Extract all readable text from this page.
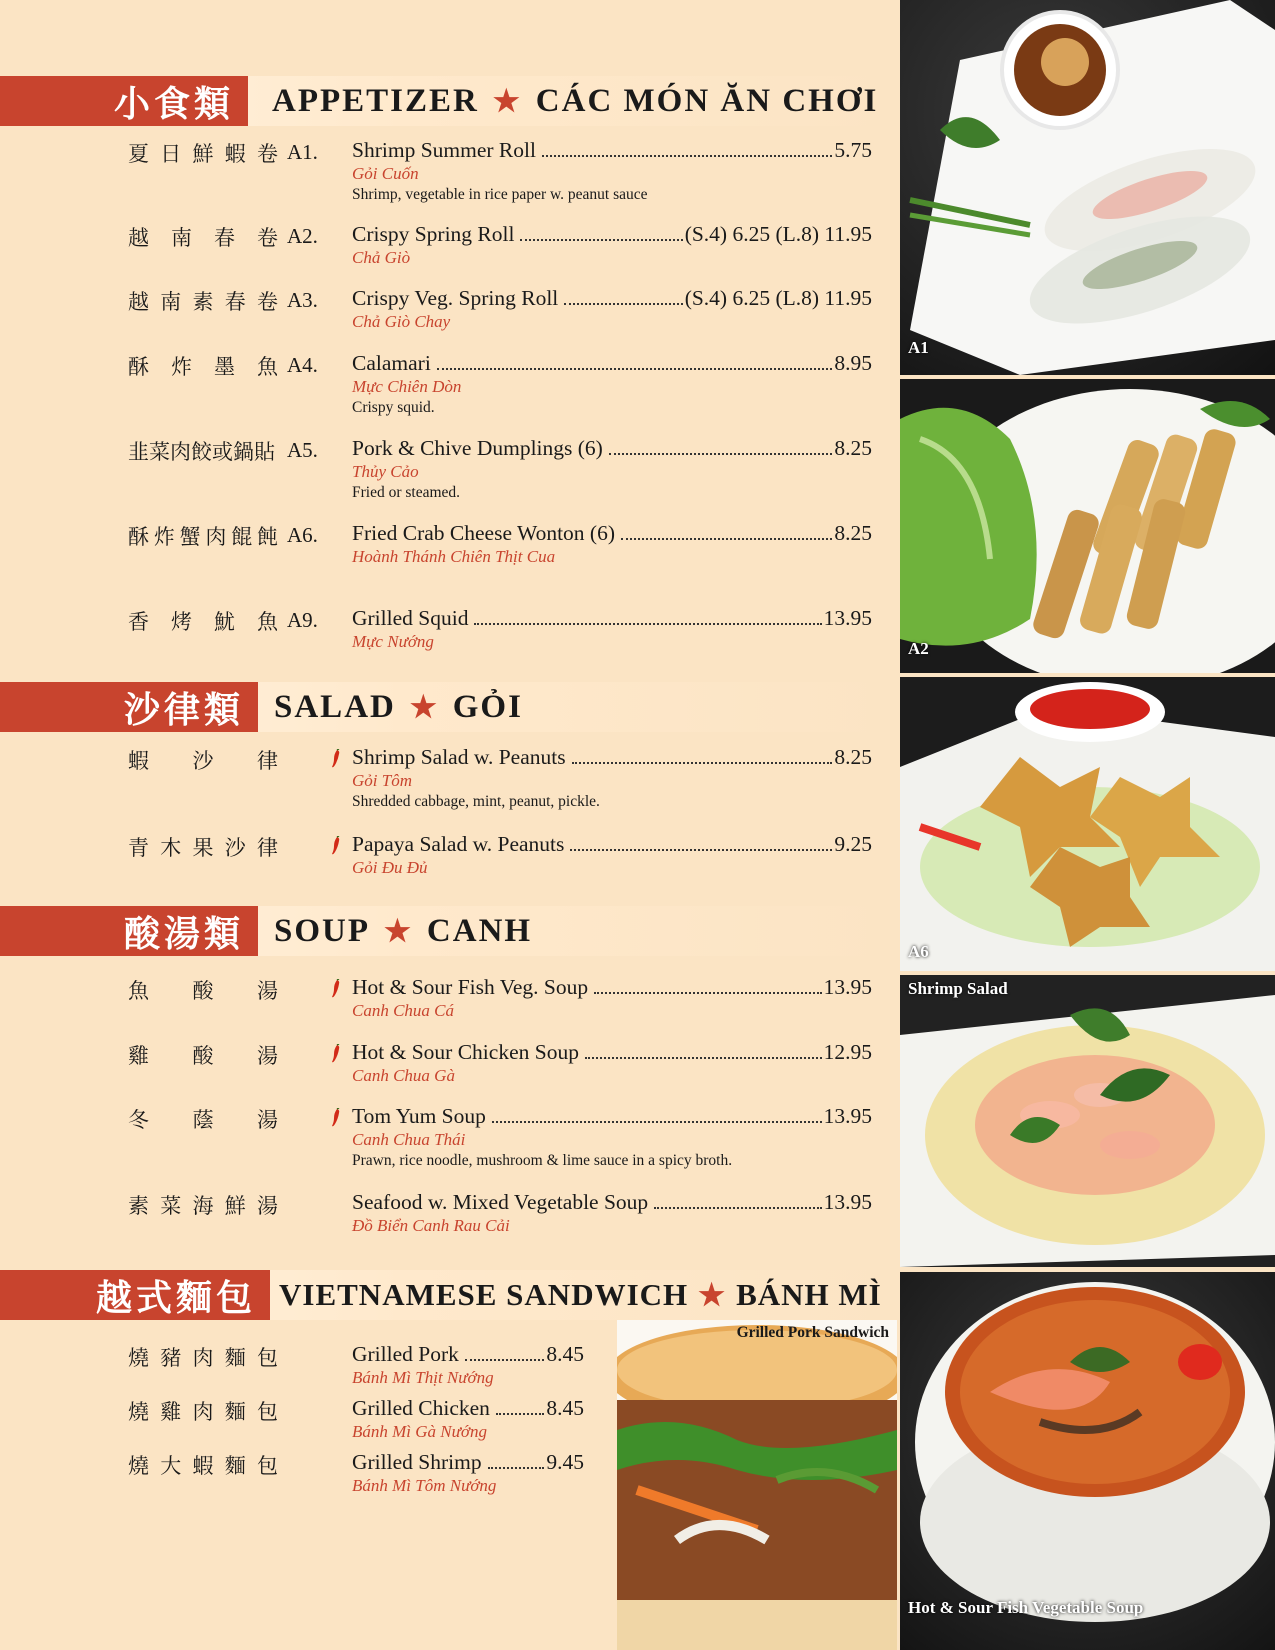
小食類	APPETIZER ★ CÁC MÓN ĂN CHƠI
夏 日 鮮 蝦 卷 A1. Shrimp Summer Roll	5.75
Gỏi Cuốn
Shrimp, vegetable in rice paper w. peanut sauce
越 南 春 卷 A2. Crispy Spring Roll	(S.4) 6.25 (L.8) 11.95
Chả Giò
越 南 素 春 卷 A3. Crispy Veg. Spring Roll	(S.4) 6.25 (L.8) 11.95
Chả Giò Chay
酥 炸 墨 魚 A4. Calamari	8.95
Mực Chiên Dòn
Crispy squid.
韭菜肉餃或鍋貼 A5. Pork & Chive Dumplings (6)	8.25
Thủy Cảo
Fried or steamed.
酥 炸 蟹 肉 餛 飩 A6. Fried Crab Cheese Wonton (6)	8.25
Hoành Thánh Chiên Thịt Cua
香 烤 魷 魚 A9. Grilled Squid	13.95
Mực Nướng
沙律類 SALAD ★ GỎI
蝦 沙 律	Shrimp Salad w. Peanuts	8.25
Gỏi Tôm
Shredded cabbage, mint, peanut, pickle.
青 木 果 沙 律	Papaya Salad w. Peanuts	9.25
Gỏi Đu Đủ
酸湯類 SOUP ★ CANH
魚 酸 湯	Hot & Sour Fish Veg. Soup	13.95
Canh Chua Cá
雞 酸 湯	Hot & Sour Chicken Soup	12.95
Canh Chua Gà
冬 蔭 湯	Tom Yum Soup	13.95
Canh Chua Thái
Prawn, rice noodle, mushroom & lime sauce in a spicy broth.
素 菜 海 鮮 湯	Seafood w. Mixed Vegetable Soup	13.95
Đồ Biển Canh Rau Cải
越式麵包 VIETNAMESE SANDWICH ★ BÁNH MÌ
燒 豬 肉 麵 包	Grilled Pork	8.45
Bánh Mì Thịt Nướng
燒 雞 肉 麵 包	Grilled Chicken	8.45
Bánh Mì Gà Nướng
燒 大 蝦 麵 包	Grilled Shrimp	9.45
Bánh Mì Tôm Nướng
A1
A2
A6
Shrimp Salad
Hot & Sour Fish Vegetable Soup
Grilled Pork Sandwich
